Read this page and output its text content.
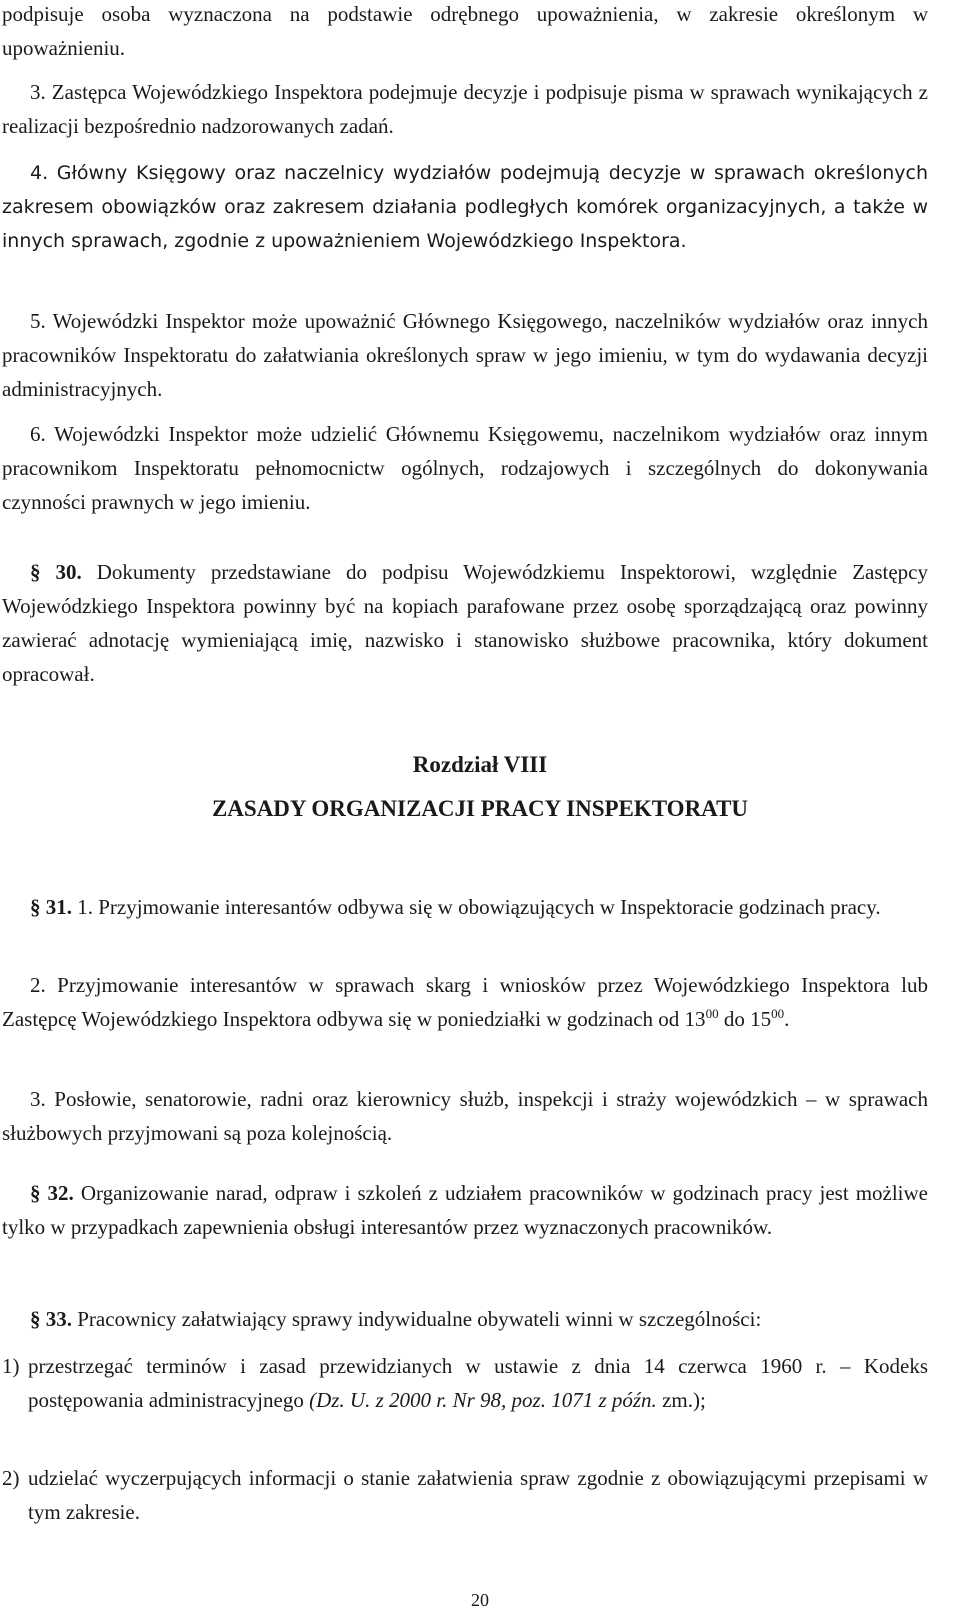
podpisuje osoba wyznaczona na podstawie odrębnego upoważnienia, w zakresie określonym w upoważnieniu.
3. Zastępca Wojewódzkiego Inspektora podejmuje decyzje i podpisuje pisma w sprawach wynikających z realizacji bezpośrednio nadzorowanych zadań.
4. Główny Księgowy oraz naczelnicy wydziałów podejmują decyzje w sprawach określonych zakresem obowiązków oraz zakresem działania podległych komórek organizacyjnych, a także w innych sprawach, zgodnie z upoważnieniem Wojewódzkiego Inspektora.
5. Wojewódzki Inspektor może upoważnić Głównego Księgowego, naczelników wydziałów oraz innych pracowników Inspektoratu do załatwiania określonych spraw w jego imieniu, w tym do wydawania decyzji administracyjnych.
6. Wojewódzki Inspektor może udzielić Głównemu Księgowemu, naczelnikom wydziałów oraz innym pracownikom Inspektoratu pełnomocnictw ogólnych, rodzajowych i szczególnych do dokonywania czynności prawnych w jego imieniu.
§ 30. Dokumenty przedstawiane do podpisu Wojewódzkiemu Inspektorowi, względnie Zastępcy Wojewódzkiego Inspektora powinny być na kopiach parafowane przez osobę sporządzającą oraz powinny zawierać adnotację wymieniającą imię, nazwisko i stanowisko służbowe pracownika, który dokument opracował.
Rozdział VIII
ZASADY ORGANIZACJI PRACY INSPEKTORATU
§ 31. 1. Przyjmowanie interesantów odbywa się w obowiązujących w Inspektoracie godzinach pracy.
2. Przyjmowanie interesantów w sprawach skarg i wniosków przez Wojewódzkiego Inspektora lub Zastępcę Wojewódzkiego Inspektora odbywa się w poniedziałki w godzinach od $13^{00}$ do $15^{00}$.
3. Posłowie, senatorowie, radni oraz kierownicy służb, inspekcji i straży wojewódzkich – w sprawach służbowych przyjmowani są poza kolejnością.
§ 32. Organizowanie narad, odpraw i szkoleń z udziałem pracowników w godzinach pracy jest możliwe tylko w przypadkach zapewnienia obsługi interesantów przez wyznaczonych pracowników.
§ 33. Pracownicy załatwiający sprawy indywidualne obywateli winni w szczególności:
1) przestrzegać terminów i zasad przewidzianych w ustawie z dnia 14 czerwca 1960 r. – Kodeks postępowania administracyjnego (Dz. U. z 2000 r. Nr 98, poz. 1071 z późn. zm.);
2) udzielać wyczerpujących informacji o stanie załatwienia spraw zgodnie z obowiązującymi przepisami w tym zakresie.
20
